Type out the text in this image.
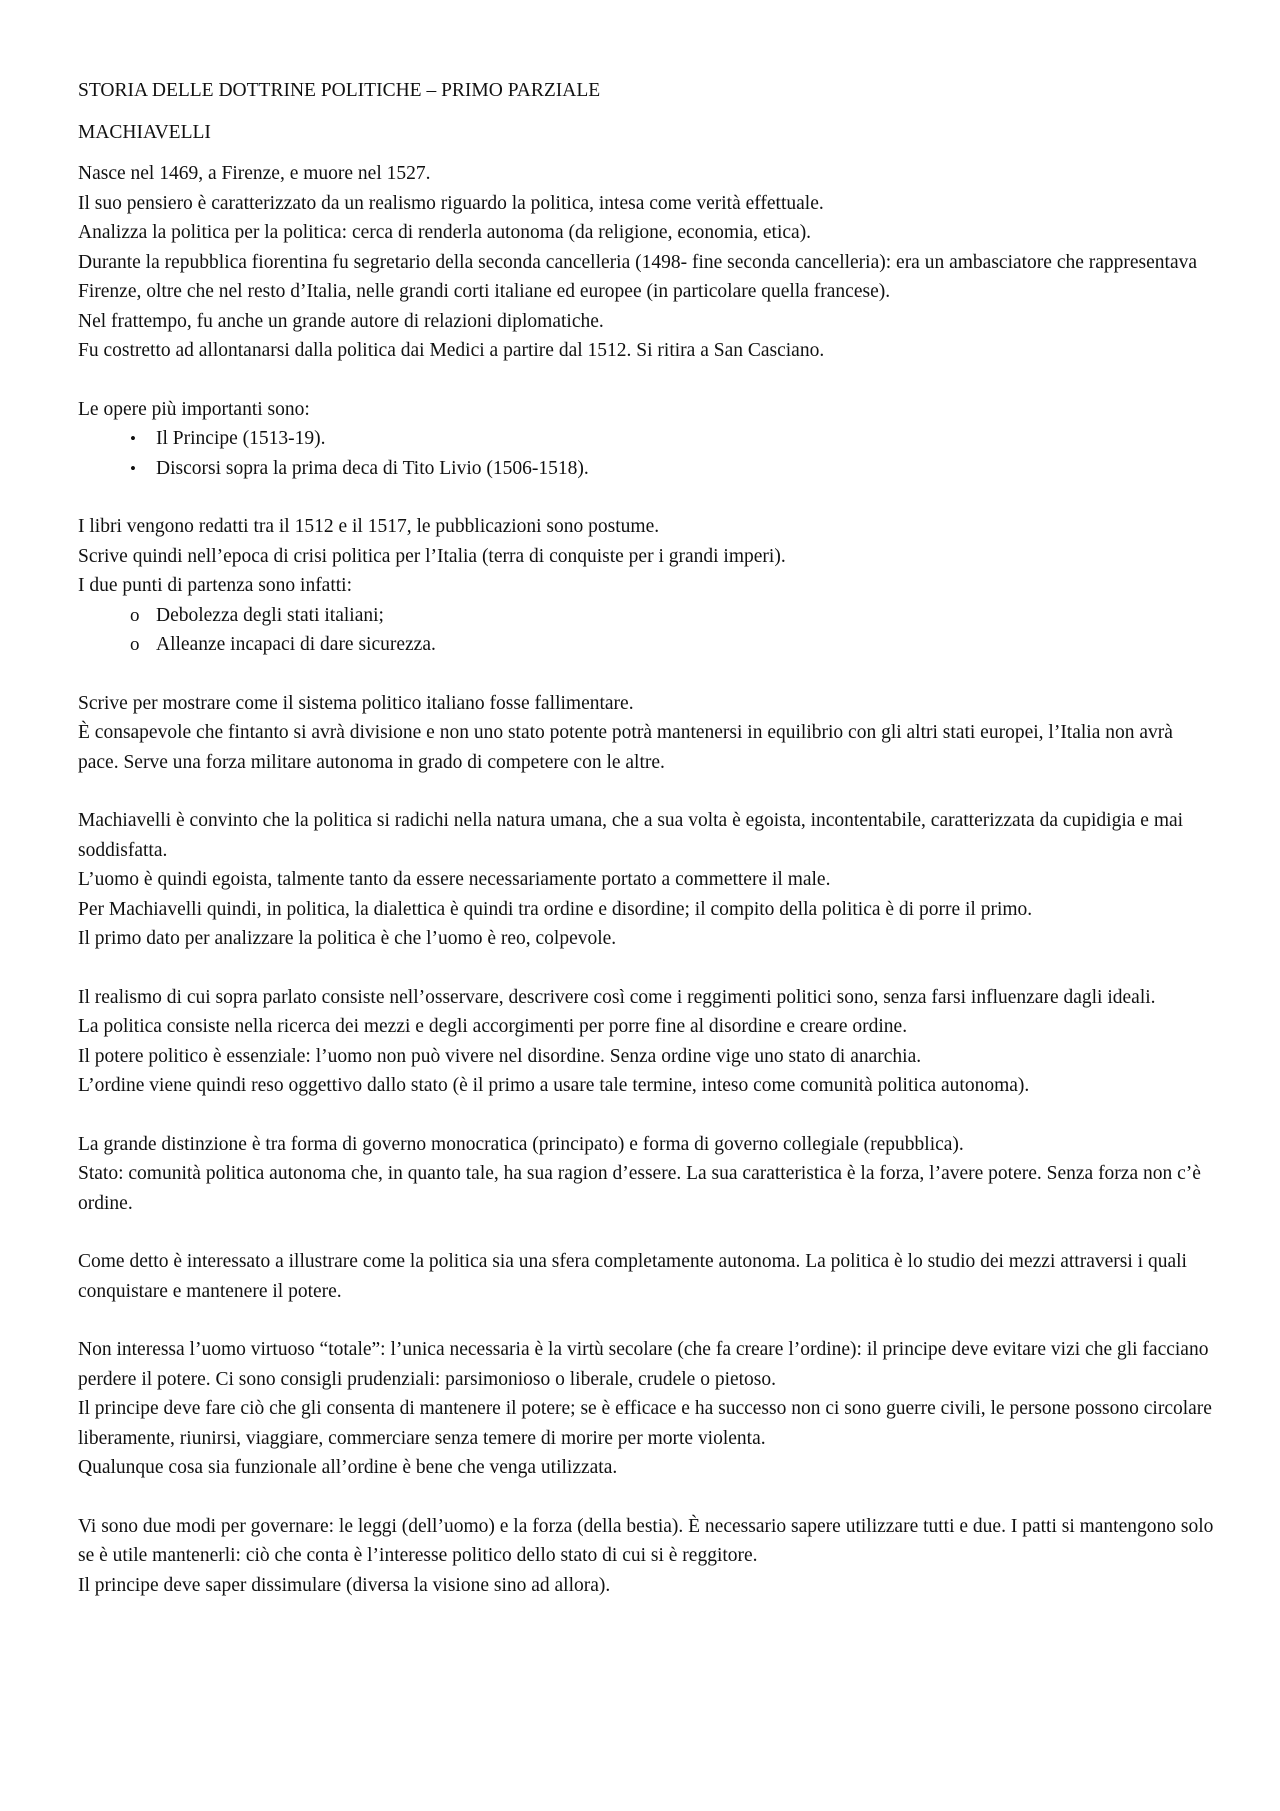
STORIA DELLE DOTTRINE POLITICHE – PRIMO PARZIALE

MACHIAVELLI

Nasce nel 1469, a Firenze, e muore nel 1527.

Il suo pensiero è caratterizzato da un realismo riguardo la politica, intesa come verità effettuale.

Analizza la politica per la politica: cerca di renderla autonoma (da religione, economia, etica).

Durante la repubblica fiorentina fu segretario della seconda cancelleria (1498- fine seconda cancelleria): era un ambasciatore che rappresentava Firenze, oltre che nel resto d’Italia, nelle grandi corti italiane ed europee (in particolare quella francese).

Nel frattempo, fu anche un grande autore di relazioni diplomatiche.

Fu costretto ad allontanarsi dalla politica dai Medici a partire dal 1512. Si ritira a San Casciano.

Le opere più importanti sono:

• Il Principe (1513-19).
• Discorsi sopra la prima deca di Tito Livio (1506-1518).

I libri vengono redatti tra il 1512 e il 1517, le pubblicazioni sono postume.

Scrive quindi nell’epoca di crisi politica per l’Italia (terra di conquiste per i grandi imperi).

I due punti di partenza sono infatti:

o Debolezza degli stati italiani;
o Alleanze incapaci di dare sicurezza.

Scrive per mostrare come il sistema politico italiano fosse fallimentare.

È consapevole che fintanto si avrà divisione e non uno stato potente potrà mantenersi in equilibrio con gli altri stati europei, l’Italia non avrà pace. Serve una forza militare autonoma in grado di competere con le altre.

Machiavelli è convinto che la politica si radichi nella natura umana, che a sua volta è egoista, incontentabile, caratterizzata da cupidigia e mai soddisfatta.

L’uomo è quindi egoista, talmente tanto da essere necessariamente portato a commettere il male.

Per Machiavelli quindi, in politica, la dialettica è quindi tra ordine e disordine; il compito della politica è di porre il primo.

Il primo dato per analizzare la politica è che l’uomo è reo, colpevole.

Il realismo di cui sopra parlato consiste nell’osservare, descrivere così come i reggimenti politici sono, senza farsi influenzare dagli ideali.

La politica consiste nella ricerca dei mezzi e degli accorgimenti per porre fine al disordine e creare ordine.

Il potere politico è essenziale: l’uomo non può vivere nel disordine. Senza ordine vige uno stato di anarchia.

L’ordine viene quindi reso oggettivo dallo stato (è il primo a usare tale termine, inteso come comunità politica autonoma).

La grande distinzione è tra forma di governo monocratica (principato) e forma di governo collegiale (repubblica).

Stato: comunità politica autonoma che, in quanto tale, ha sua ragion d’essere. La sua caratteristica è la forza, l’avere potere. Senza forza non c’è ordine.

Come detto è interessato a illustrare come la politica sia una sfera completamente autonoma. La politica è lo studio dei mezzi attraversi i quali conquistare e mantenere il potere.

Non interessa l’uomo virtuoso “totale”: l’unica necessaria è la virtù secolare (che fa creare l’ordine): il principe deve evitare vizi che gli facciano perdere il potere. Ci sono consigli prudenziali: parsimonioso o liberale, crudele o pietoso.

Il principe deve fare ciò che gli consenta di mantenere il potere; se è efficace e ha successo non ci sono guerre civili, le persone possono circolare liberamente, riunirsi, viaggiare, commerciare senza temere di morire per morte violenta.

Qualunque cosa sia funzionale all’ordine è bene che venga utilizzata.

Vi sono due modi per governare: le leggi (dell’uomo) e la forza (della bestia). È necessario sapere utilizzare tutti e due. I patti si mantengono solo se è utile mantenerli: ciò che conta è l’interesse politico dello stato di cui si è reggitore.

Il principe deve saper dissimulare (diversa la visione sino ad allora).
